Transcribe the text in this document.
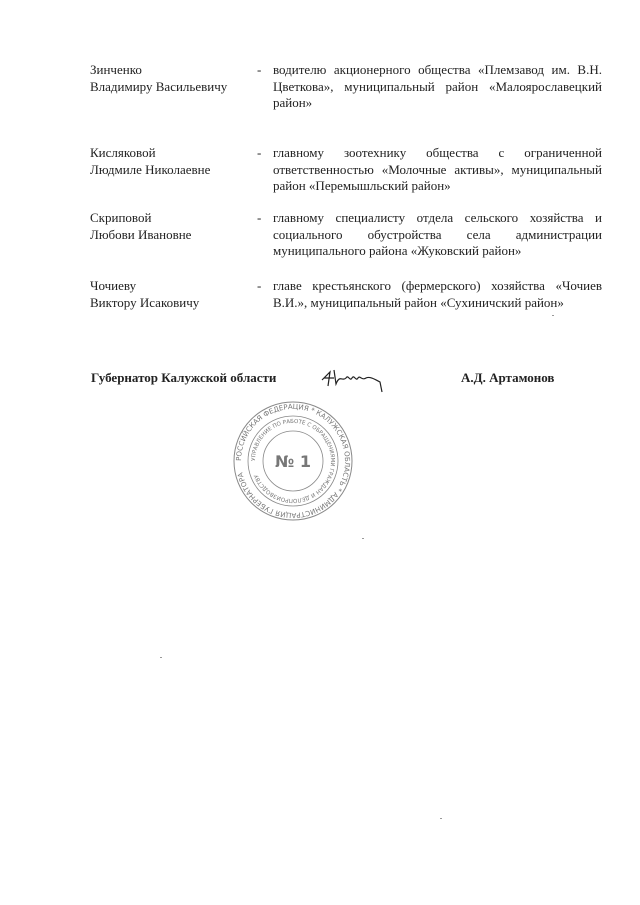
Зинченко
Владимиру Васильевичу
- водителю акционерного общества «Племзавод им. В.Н. Цветкова», муниципальный район «Малоярославецкий район»
Кисляковой
Людмиле Николаевне
- главному зоотехнику общества с ограниченной ответственностью «Молочные активы», муниципальный район «Перемышльский район»
Скриповой
Любови Ивановне
- главному специалисту отдела сельского хозяйства и социального обустройства села администрации муниципального района «Жуковский район»
Чочиеву
Виктору Исаковичу
- главе крестьянского (фермерского) хозяйства «Чочиев В.И.», муниципальный район «Сухиничский район»
Губернатор Калужской области	А.Д. Артамонов
РОССИЙСКАЯ ФЕДЕРАЦИЯ * КАЛУЖСКАЯ ОБЛАСТЬ * АДМИНИСТРАЦИЯ ГУБЕРНАТОРА
УПРАВЛЕНИЕ ПО РАБОТЕ С ОБРАЩЕНИЯМИ ГРАЖДАН И ДЕЛОПРОИЗВОДСТВУ
№ 1
